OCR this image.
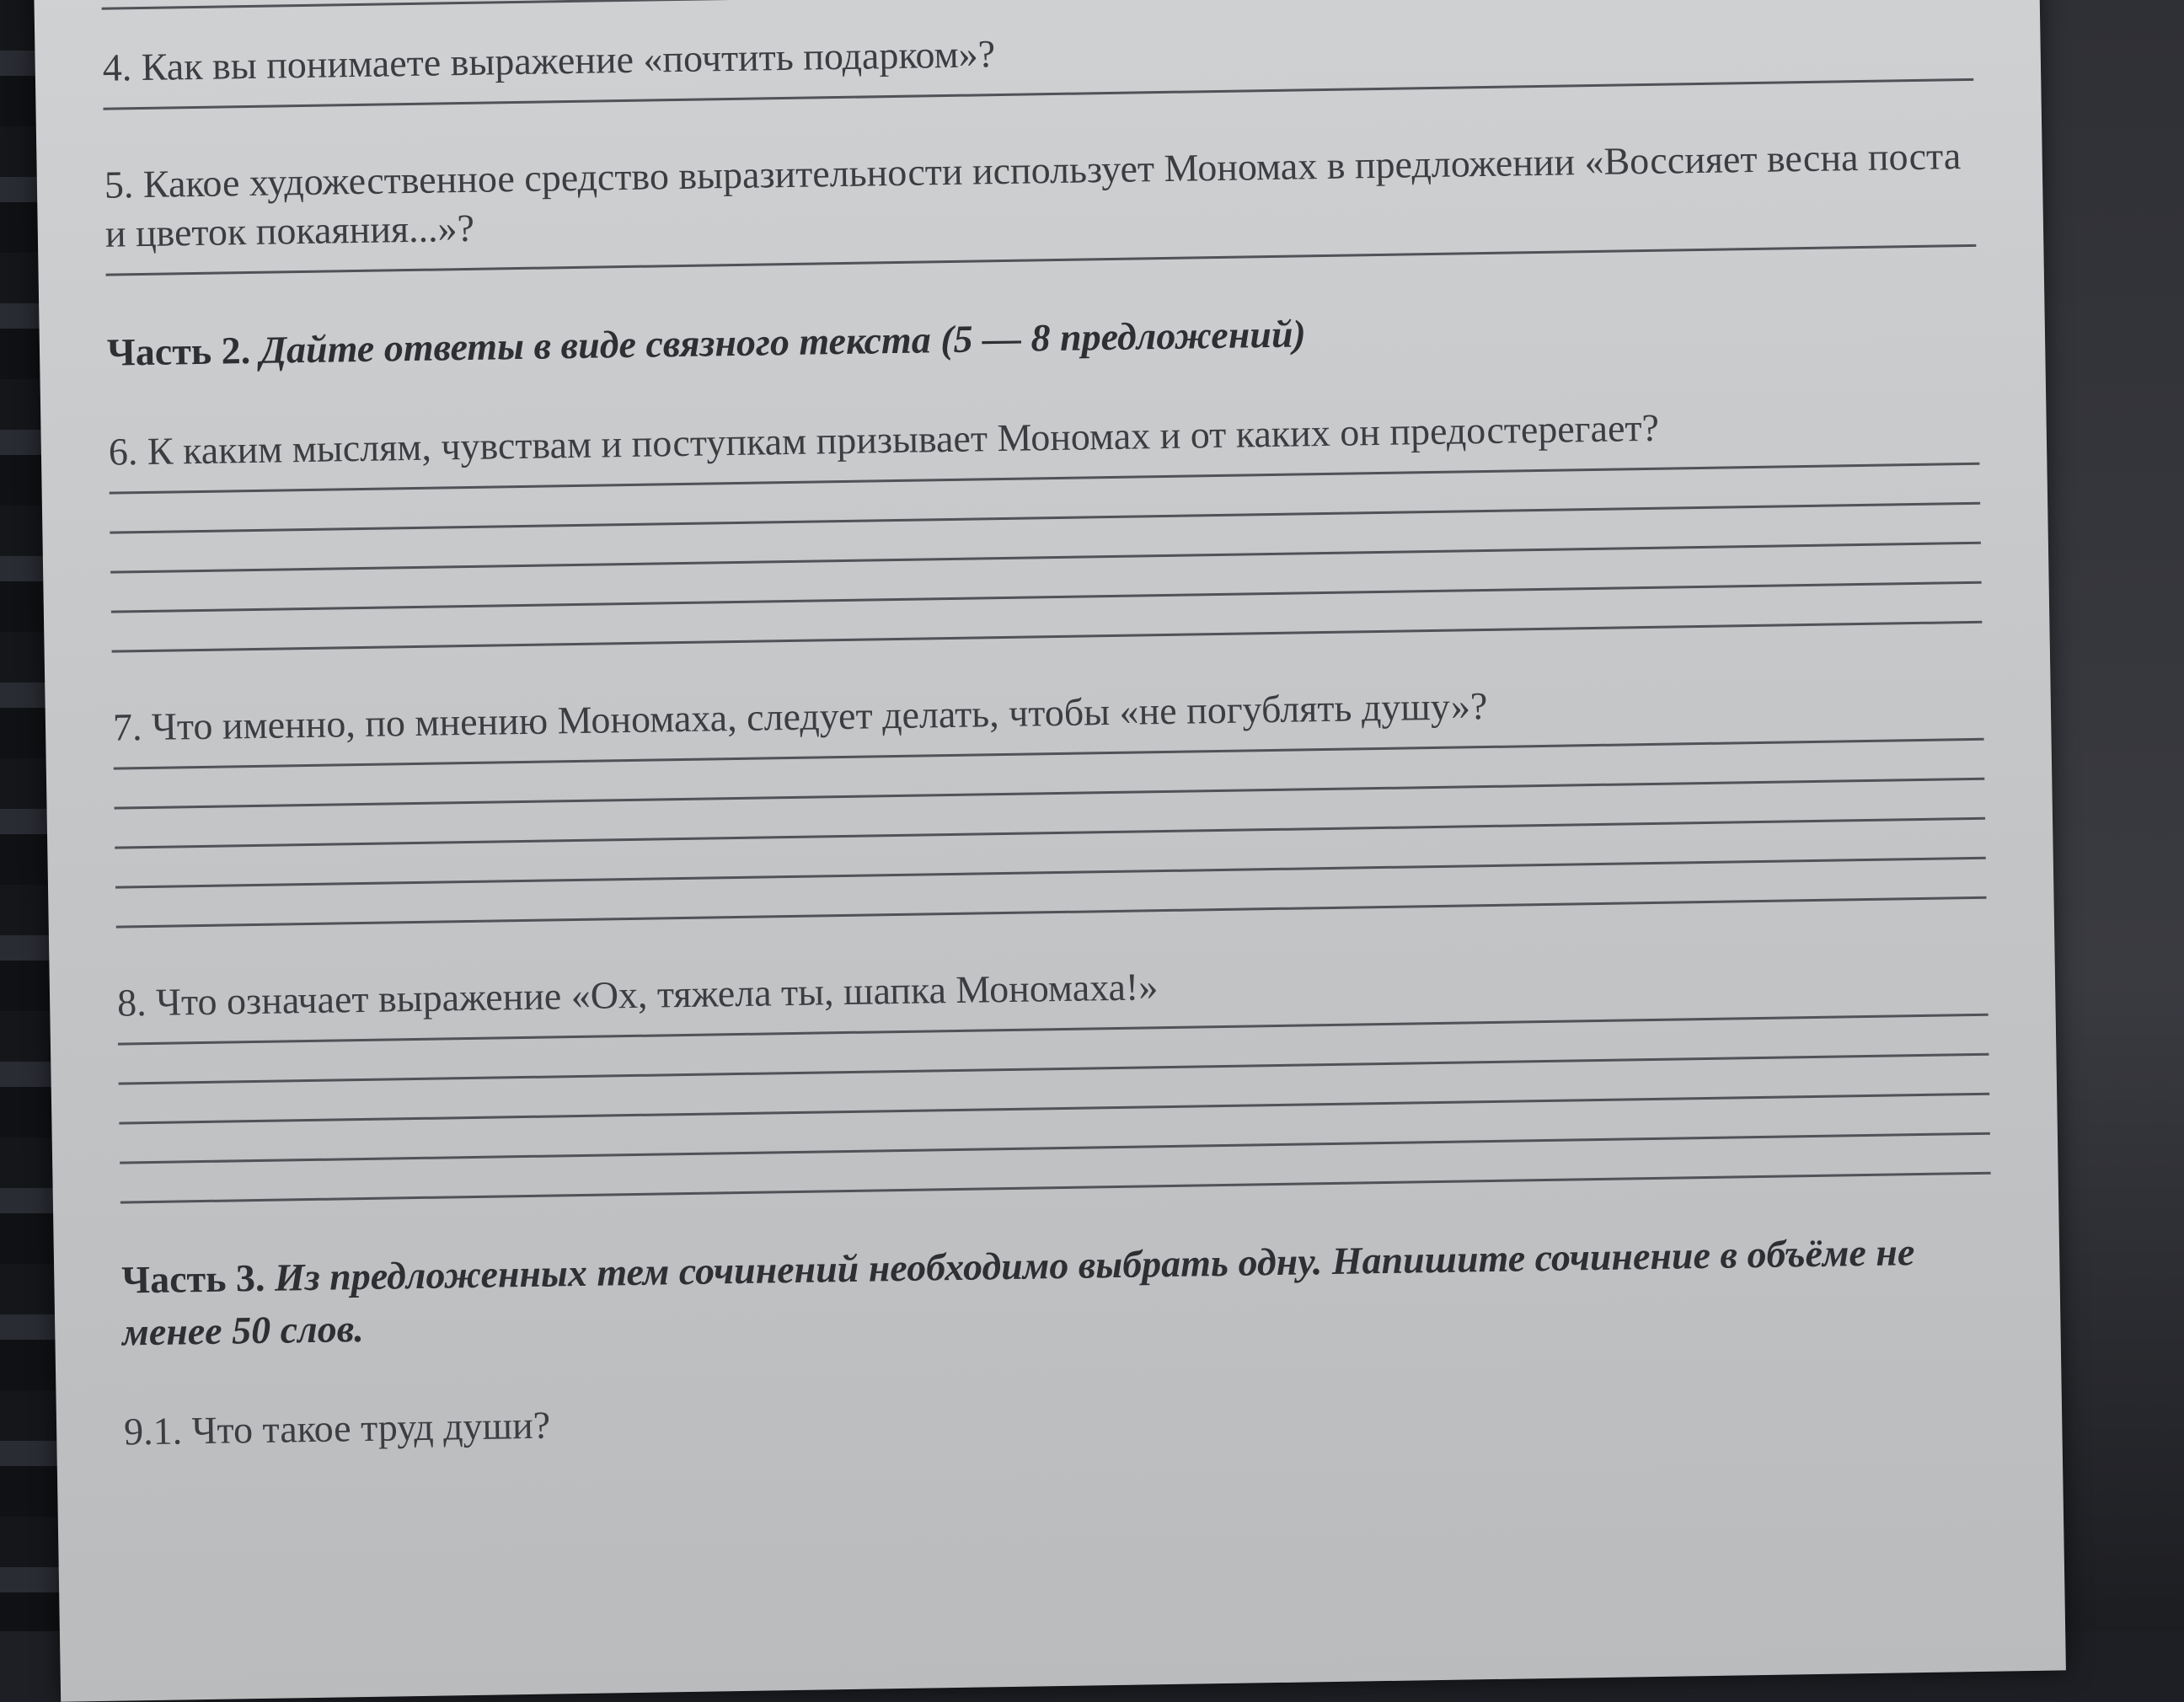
4. Как вы понимаете выражение «почтить подарком»?

5. Какое художественное средство выразительности использует Мономах в предложении «Воссияет весна поста и цветок покаяния...»?

Часть 2. Дайте ответы в виде связного текста (5 — 8 предложений)

6. К каким мыслям, чувствам и поступкам призывает Мономах и от каких он предостерегает?

7. Что именно, по мнению Мономаха, следует делать, чтобы «не погублять душу»?

8. Что означает выражение «Ох, тяжела ты, шапка Мономаха!»

Часть 3. Из предложенных тем сочинений необходимо выбрать одну. Напишите сочинение в объёме не менее 50 слов.

9.1. Что такое труд души?
